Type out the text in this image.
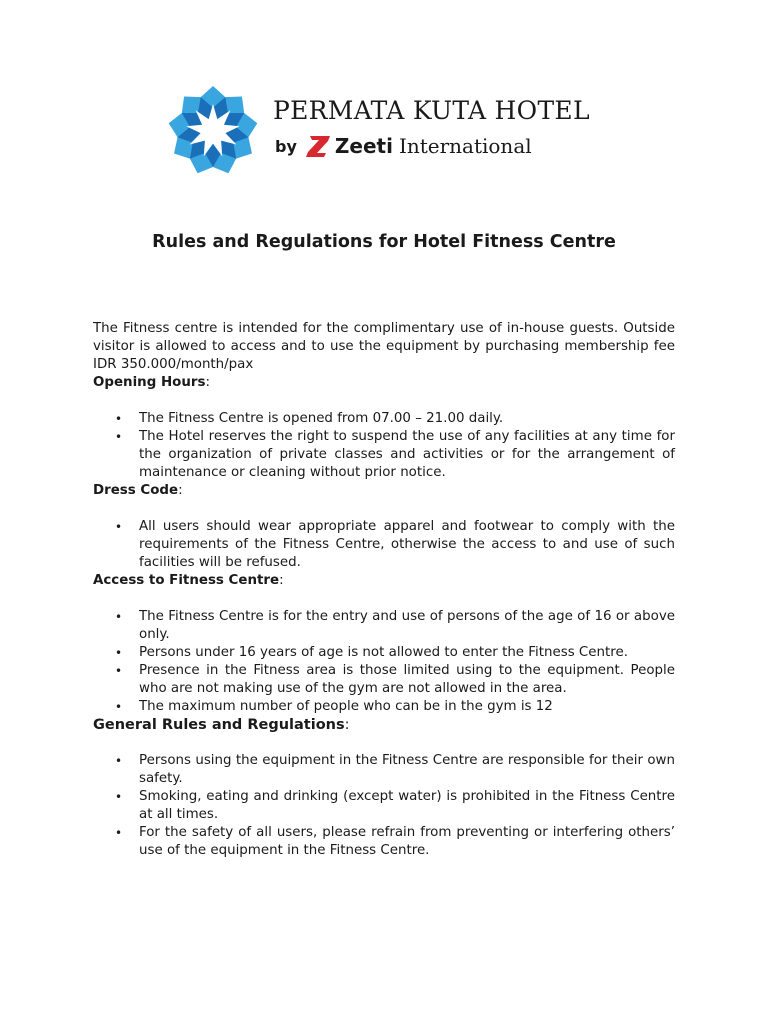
PERMATA KUTA HOTEL
by Zeeti International
Rules and Regulations for Hotel Fitness Centre

The Fitness centre is intended for the complimentary use of in-house guests. Outside visitor is allowed to access and to use the equipment by purchasing membership fee IDR 350.000/month/pax

Opening Hours:

• The Fitness Centre is opened from 07.00 – 21.00 daily.
• The Hotel reserves the right to suspend the use of any facilities at any time for the organization of private classes and activities or for the arrangement of maintenance or cleaning without prior notice.

Dress Code:

• All users should wear appropriate apparel and footwear to comply with the requirements of the Fitness Centre, otherwise the access to and use of such facilities will be refused.

Access to Fitness Centre:

• The Fitness Centre is for the entry and use of persons of the age of 16 or above only.
• Persons under 16 years of age is not allowed to enter the Fitness Centre.
• Presence in the Fitness area is those limited using to the equipment. People who are not making use of the gym are not allowed in the area.
• The maximum number of people who can be in the gym is 12

General Rules and Regulations:

• Persons using the equipment in the Fitness Centre are responsible for their own safety.
• Smoking, eating and drinking (except water) is prohibited in the Fitness Centre at all times.
• For the safety of all users, please refrain from preventing or interfering others’ use of the equipment in the Fitness Centre.
